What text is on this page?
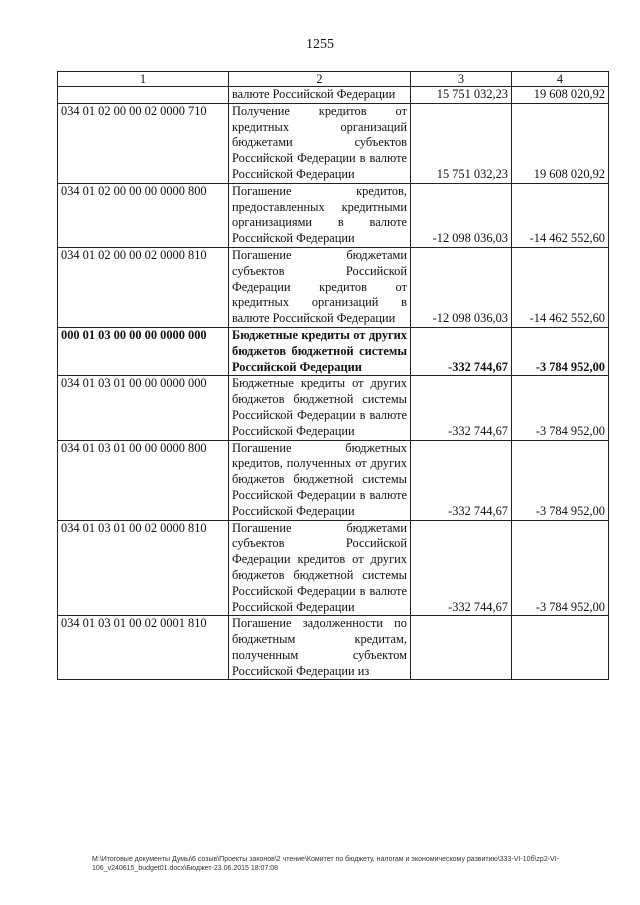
1255
1	2	3	4
	валюте Российской Федерации	15 751 032,23	19 608 020,92
034 01 02 00 00 02 0000 710	Получение кредитов от кредитных организаций бюджетами субъектов Российской Федерации в валюте Российской Федерации	15 751 032,23	19 608 020,92
034 01 02 00 00 00 0000 800	Погашение кредитов, предоставленных кредитными организациями в валюте Российской Федерации	-12 098 036,03	-14 462 552,60
034 01 02 00 00 02 0000 810	Погашение бюджетами субъектов Российской Федерации кредитов от кредитных организаций в валюте Российской Федерации	-12 098 036,03	-14 462 552,60
000 01 03 00 00 00 0000 000	Бюджетные кредиты от других бюджетов бюджетной системы Российской Федерации	-332 744,67	-3 784 952,00
034 01 03 01 00 00 0000 000	Бюджетные кредиты от других бюджетов бюджетной системы Российской Федерации в валюте Российской Федерации	-332 744,67	-3 784 952,00
034 01 03 01 00 00 0000 800	Погашение бюджетных кредитов, полученных от других бюджетов бюджетной системы Российской Федерации в валюте Российской Федерации	-332 744,67	-3 784 952,00
034 01 03 01 00 02 0000 810	Погашение бюджетами субъектов Российской Федерации кредитов от других бюджетов бюджетной системы Российской Федерации в валюте Российской Федерации	-332 744,67	-3 784 952,00
034 01 03 01 00 02 0001 810	Погашение задолженности по бюджетным кредитам, полученным субъектом Российской Федерации из		
M:\Итоговые документы Думы\6 созыв\Проекты законов\2 чтение\Комитет по бюджету, налогам и экономическому развитию\333-VI-10б\zp2-VI-
106_v240615_budget01.docx\Бюджет-23.06.2015 18:07:08
